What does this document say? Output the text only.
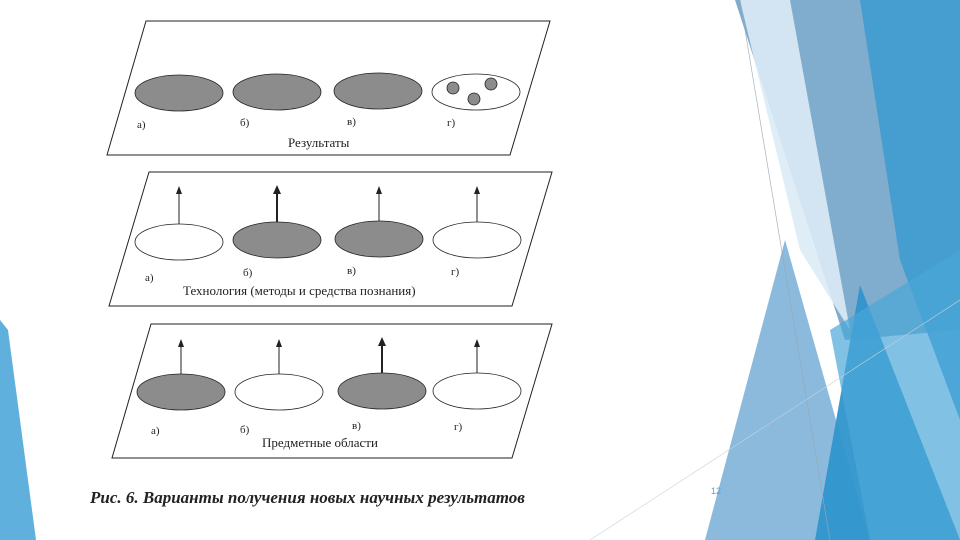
а)	б)	в)	г)
Результаты
а)	б)	в)	г)
Технология (методы и средства познания)
а)	б)	в)	г)
Предметные области
Рис. 6. Варианты получения новых научных результатов	12
